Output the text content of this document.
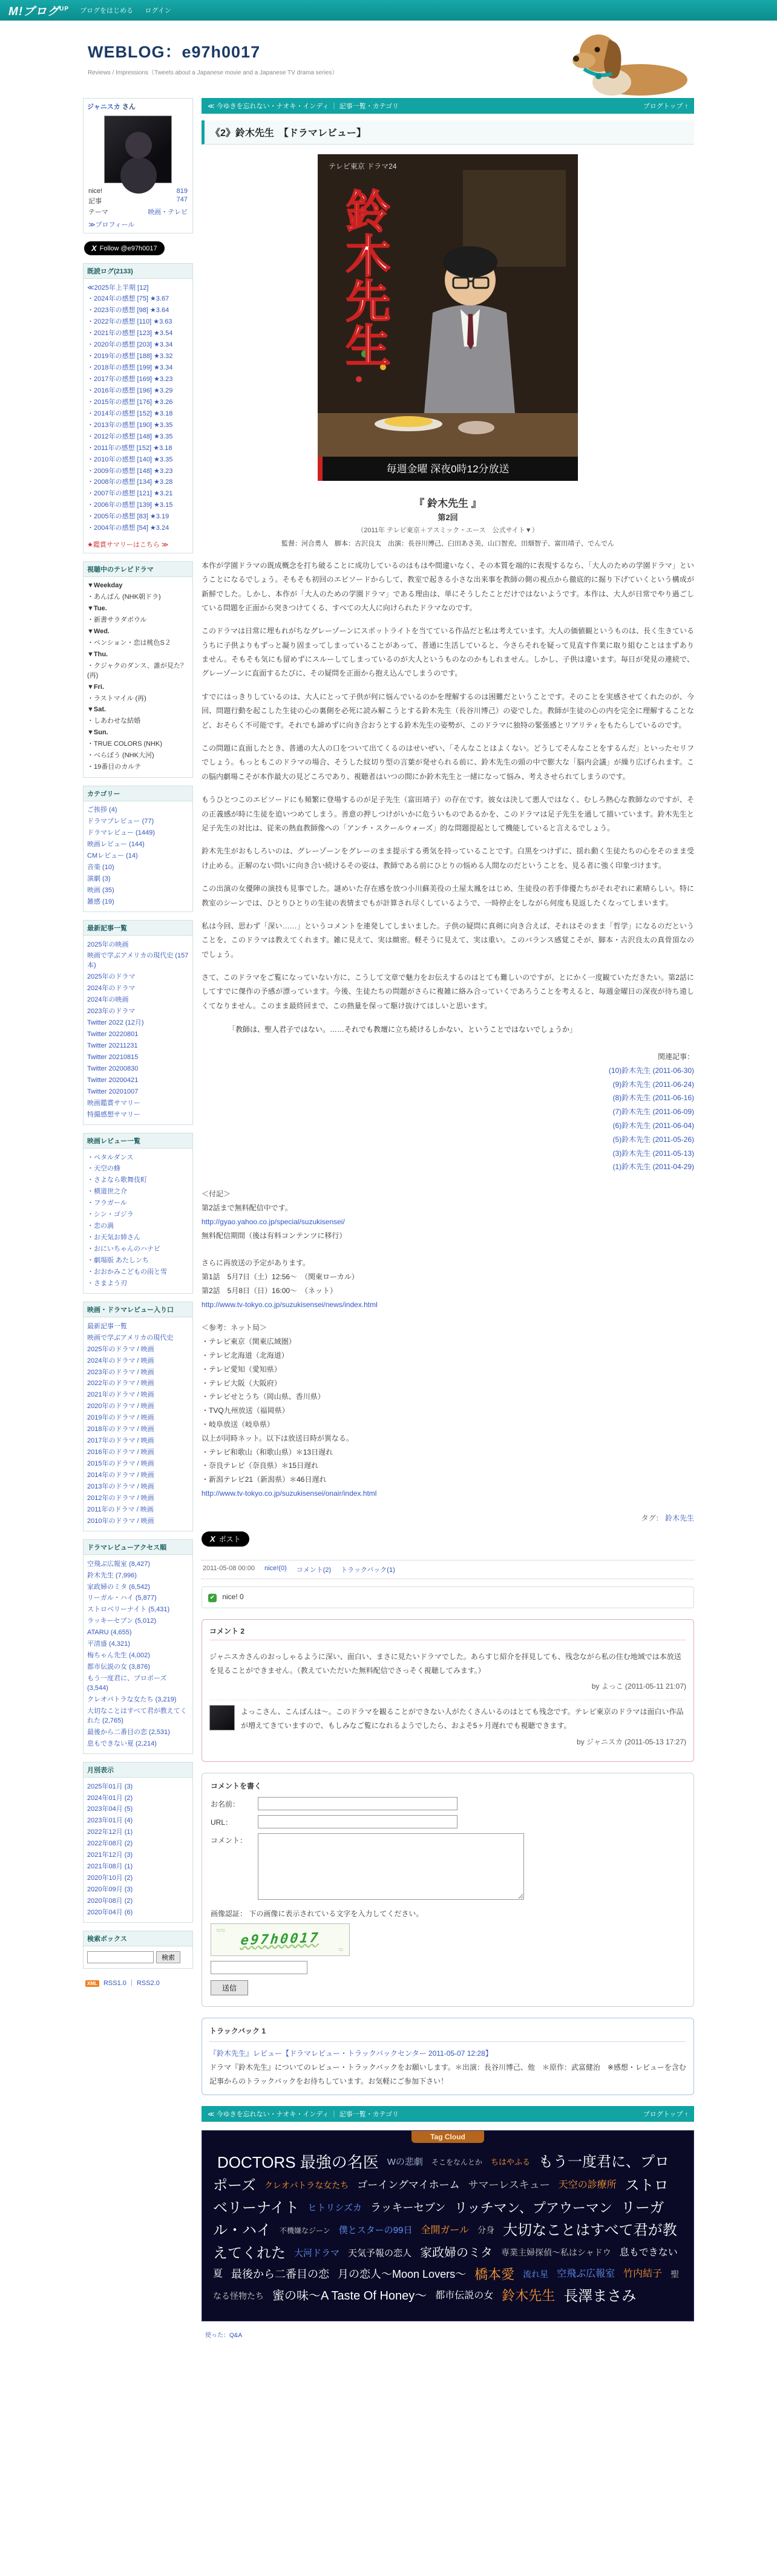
M!ブログ$^{UP}$ ブログをはじめる ログイン
WEBLOG：e97h0017
Reviews / Impressions（Tweets about a Japanese movie and a Japanese TV drama series）
ジャニスカ さん
nice!	819
記事	747
テーマ	映画・テレビ
≫プロフィール
X Follow @e97h0017
既読ログ(2133)
≪2025年上半期 [12]
・2024年の感想 [75] ★3.67
・2023年の感想 [98] ★3.64
・2022年の感想 [110] ★3.63
・2021年の感想 [123] ★3.54
・2020年の感想 [203] ★3.34
・2019年の感想 [188] ★3.32
・2018年の感想 [199] ★3.34
・2017年の感想 [169] ★3.23
・2016年の感想 [196] ★3.29
・2015年の感想 [176] ★3.26
・2014年の感想 [152] ★3.18
・2013年の感想 [190] ★3.35
・2012年の感想 [148] ★3.35
・2011年の感想 [152] ★3.18
・2010年の感想 [140] ★3.35
・2009年の感想 [148] ★3.23
・2008年の感想 [134] ★3.28
・2007年の感想 [121] ★3.21
・2006年の感想 [139] ★3.15
・2005年の感想 [83] ★3.19
・2004年の感想 [54] ★3.24
★鑑賞サマリーはこちら ≫
視聴中のテレビドラマ
▼Weekday
・あんぱん (NHK朝ドラ)
▼Tue.
・新書サラダボウル
▼Wed.
・ペンション・恋は桃色S２
▼Thu.
・クジャクのダンス、誰が見た？(再)
▼Fri.
・ラストマイル (再)
▼Sat.
・しあわせな結婚
▼Sun.
・TRUE COLORS (NHK)
・べらぼう (NHK大河)
・19番目のカルテ
カテゴリー
ご挨拶 (4)
ドラマプレビュー (77)
ドラマレビュー (1449)
映画レビュー (144)
CMレビュー (14)
音楽 (10)
演劇 (3)
映画 (35)
雑感 (19)
最新記事一覧
2025年の映画
映画で学ぶアメリカの現代史 (157本)
2025年のドラマ
2024年のドラマ
2024年の映画
2023年のドラマ
Twitter 2022 (12月)
Twitter 20220801
Twitter 20211231
Twitter 20210815
Twitter 20200830
Twitter 20200421
Twitter 20201007
映画鑑賞サマリー
特撮感想サマリー
映画レビュー一覧
・ペタルダンス
・天空の蜂
・さよなら歌舞伎町
・横道世之介
・フラガール
・シン・ゴジラ
・恋の渦
・お天気お姉さん
・おにいちゃんのハナビ
・劇場版 あたしンち
・おおかみこどもの雨と雪
・さまよう刃
映画・ドラマレビュー入り口
最新記事一覧
映画で学ぶアメリカの現代史
2025年のドラマ / 映画
2024年のドラマ / 映画
2023年のドラマ / 映画
2022年のドラマ / 映画
2021年のドラマ / 映画
2020年のドラマ / 映画
2019年のドラマ / 映画
2018年のドラマ / 映画
2017年のドラマ / 映画
2016年のドラマ / 映画
2015年のドラマ / 映画
2014年のドラマ / 映画
2013年のドラマ / 映画
2012年のドラマ / 映画
2011年のドラマ / 映画
2010年のドラマ / 映画
ドラマレビューアクセス順
空飛ぶ広報室 (8,427)
鈴木先生 (7,996)
家政婦のミタ (6,542)
リーガル・ハイ (5,877)
ストロベリーナイト (5,431)
ラッキーセブン (5,012)
ATARU (4,655)
平清盛 (4,321)
梅ちゃん先生 (4,002)
都市伝説の女 (3,876)
もう一度君に、プロポーズ (3,544)
クレオパトラな女たち (3,219)
大切なことはすべて君が教えてくれた (2,765)
最後から二番目の恋 (2,531)
息もできない夏 (2,214)
月別表示
2025年01月 (3)
2024年01月 (2)
2023年04月 (5)
2023年01月 (4)
2022年12月 (1)
2022年08月 (2)
2021年12月 (3)
2021年08月 (1)
2020年10月 (2)
2020年09月 (3)
2020年08月 (2)
2020年04月 (6)
検索ボックス
検索
XML RSS1.0 ｜ RSS2.0
≪ 今ゆきを忘れない・ナオキ・インディ ｜ 記事一覧・カテゴリ	ブログトップ ↑
《2》鈴木先生　【ドラマレビュー】
鈴木先生
テレビ東京 ドラマ24
毎週金曜 深夜0時12分放送
『 鈴木先生 』
第2回
（2011年 テレビ東京＋アスミック・エース　公式サイト▼）
監督：河合勇人　脚本：古沢良太　出演：長谷川博己、臼田あさ美、山口智充、田畑智子、富田靖子、でんでん

本作が学園ドラマの既成概念を打ち破ることに成功しているのはもはや間違いなく、その本質を端的に表現するなら、「大人のための学園ドラマ」ということになるでしょう。そもそも初回のエピソードからして、教室で起きる小さな出来事を教師の側の視点から徹底的に掘り下げていくという構成が新鮮でした。しかし、本作が「大人のための学園ドラマ」である理由は、単にそうしたことだけではないようです。本作は、大人が日常でやり過ごしている問題を正面から突きつけてくる、すべての大人に向けられたドラマなのです。

このドラマは日常に埋もれがちなグレーゾーンにスポットライトを当てている作品だと私は考えています。大人の価値観というものは、長く生きているうちに子供よりもずっと凝り固まってしまっていることがあって、普通に生活していると、今さらそれを疑って見直す作業に取り組むことはまずありません。そもそも気にも留めずにスルーしてしまっているのが大人というものなのかもしれません。しかし、子供は違います。毎日が発見の連続で、グレーゾーンに直面するたびに、その疑問を正面から抱え込んでしまうのです。

すでにはっきりしているのは、大人にとって子供が何に悩んでいるのかを理解するのは困難だということです。そのことを実感させてくれたのが、今回、問題行動を起こした生徒の心の裏側を必死に読み解こうとする鈴木先生（長谷川博己）の姿でした。教師が生徒の心の内を完全に理解することなど、おそらく不可能です。それでも諦めずに向き合おうとする鈴木先生の姿勢が、このドラマに独特の緊張感とリアリティをもたらしているのです。

この問題に直面したとき、普通の大人の口をついて出てくるのはせいぜい、「そんなことはよくない。どうしてそんなことをするんだ」といったセリフでしょう。もっともこのドラマの場合、そうした紋切り型の言葉が発せられる前に、鈴木先生の頭の中で膨大な「脳内会議」が繰り広げられます。この脳内劇場こそが本作最大の見どころであり、視聴者はいつの間にか鈴木先生と一緒になって悩み、考えさせられてしまうのです。

もうひとつこのエピソードにも頻繁に登場するのが足子先生（富田靖子）の存在です。彼女は決して悪人ではなく、むしろ熱心な教師なのですが、その正義感が時に生徒を追いつめてしまう。善意の押しつけがいかに危ういものであるかを、このドラマは足子先生を通して描いています。鈴木先生と足子先生の対比は、従来の熱血教師像への「アンチ・スクールウォーズ」的な問題提起として機能していると言えるでしょう。

鈴木先生がおもしろいのは、グレーゾーンをグレーのまま提示する勇気を持っていることです。白黒をつけずに、揺れ動く生徒たちの心をそのまま受け止める。正解のない問いに向き合い続けるその姿は、教師である前にひとりの悩める人間なのだということを、見る者に強く印象づけます。

この出演の女優陣の演技も見事でした。謎めいた存在感を放つ小川蘇美役の土屋太鳳をはじめ、生徒役の若手俳優たちがそれぞれに素晴らしい。特に教室のシーンでは、ひとりひとりの生徒の表情までもが計算され尽くしているようで、一時停止をしながら何度も見返したくなってしまいます。

私は今回、思わず「深い……」というコメントを連発してしまいました。子供の疑問に真剣に向き合えば、それはそのまま「哲学」になるのだということを、このドラマは教えてくれます。雑に見えて、実は緻密。軽そうに見えて、実は重い。このバランス感覚こそが、脚本・古沢良太の真骨頂なのでしょう。

さて、このドラマをご覧になっていない方に、こうして文章で魅力をお伝えするのはとても難しいのですが、とにかく一度観ていただきたい。第2話にしてすでに傑作の予感が漂っています。今後、生徒たちの問題がさらに複雑に絡み合っていくであろうことを考えると、毎週金曜日の深夜が待ち遠しくてなりません。このまま最終回まで、この熱量を保って駆け抜けてほしいと思います。

「教師は、聖人君子ではない。……それでも教壇に立ち続けるしかない、ということではないでしょうか」

関連記事：
(10)鈴木先生 (2011-06-30)
(9)鈴木先生 (2011-06-24)
(8)鈴木先生 (2011-06-16)
(7)鈴木先生 (2011-06-09)
(6)鈴木先生 (2011-06-04)
(5)鈴木先生 (2011-05-26)
(3)鈴木先生 (2011-05-13)
(1)鈴木先生 (2011-04-29)
＜付記＞
第2話まで無料配信中です。
http://gyao.yahoo.co.jp/special/suzukisensei/
無料配信期間（後は有料コンテンツに移行）

さらに再放送の予定があります。
第1話　5月7日（土）12:56～　（関東ローカル）
第2話　5月8日（日）16:00～　（ネット）
http://www.tv-tokyo.co.jp/suzukisensei/news/index.html
＜参考：ネット局＞
・テレビ東京（関東広域圏）
・テレビ北海道（北海道）
・テレビ愛知（愛知県）
・テレビ大阪（大阪府）
・テレビせとうち（岡山県、香川県）
・TVQ九州放送（福岡県）
・岐阜放送（岐阜県）
以上が同時ネット。以下は放送日時が異なる。
・テレビ和歌山（和歌山県）＊13日遅れ
・奈良テレビ（奈良県）＊15日遅れ
・新潟テレビ21（新潟県）＊46日遅れ
http://www.tv-tokyo.co.jp/suzukisensei/onair/index.html
タグ： 鈴木先生
X ポスト
2011-05-08 00:00 nice!(0) コメント(2) トラックバック(1)
✔ nice! 0
コメント 2
ジャニスカさんのおっしゃるように深い、面白い、まさに見たいドラマでした。あらすじ紹介を拝見しても、残念ながら私の住む地域では本放送を見ることができません。（教えていただいた無料配信でさっそく視聴してみます。）
by よっこ (2011-05-11 21:07)
よっこさん、こんばんは～。このドラマを観ることができない人がたくさんいるのはとても残念です。テレビ東京のドラマは面白い作品が増えてきていますので、もしみなご覧になれるようでしたら、およそ5ヶ月遅れでも視聴できます。
by ジャニスカ (2011-05-13 17:27)
コメントを書く
お名前：
URL：
コメント：
画像認証： 下の画像に表示されている文字を入力してください。
≈≈ e97h0017
≈
送信
トラックバック 1
『鈴木先生』レビュー【ドラマレビュー・トラックバックセンター 2011-05-07 12:28】
ドラマ『鈴木先生』についてのレビュー・トラックバックをお願いします。＊出演：長谷川博己、他　＊原作：武富健治　※感想・レビューを含む記事からのトラックバックをお待ちしています。お気軽にご参加下さい！
≪ 今ゆきを忘れない・ナオキ・インディ ｜ 記事一覧・カテゴリ	ブログトップ ↑
Tag Cloud
DOCTORS 最強の名医 Wの悲劇 そこをなんとか ちはやふる もう一度君に、プロポーズ クレオパトラな女たち ゴーイングマイホーム サマーレスキュー 天空の診療所 ストロベリーナイト ヒトリシズカ ラッキーセブン リッチマン、プアウーマン リーガル・ハイ 不機嫌なジーン 僕とスターの99日 全開ガール 分身 大切なことはすべて君が教えてくれた 大河ドラマ 天気予報の恋人 家政婦のミタ 専業主婦探偵～私はシャドウ 息もできない夏 最後から二番目の恋 月の恋人～Moon Lovers～ 橋本愛 流れ星 空飛ぶ広報室 竹内結子 聖なる怪物たち 蜜の味～A Taste Of Honey～ 都市伝説の女 鈴木先生 長澤まさみ
使った：Q&A
